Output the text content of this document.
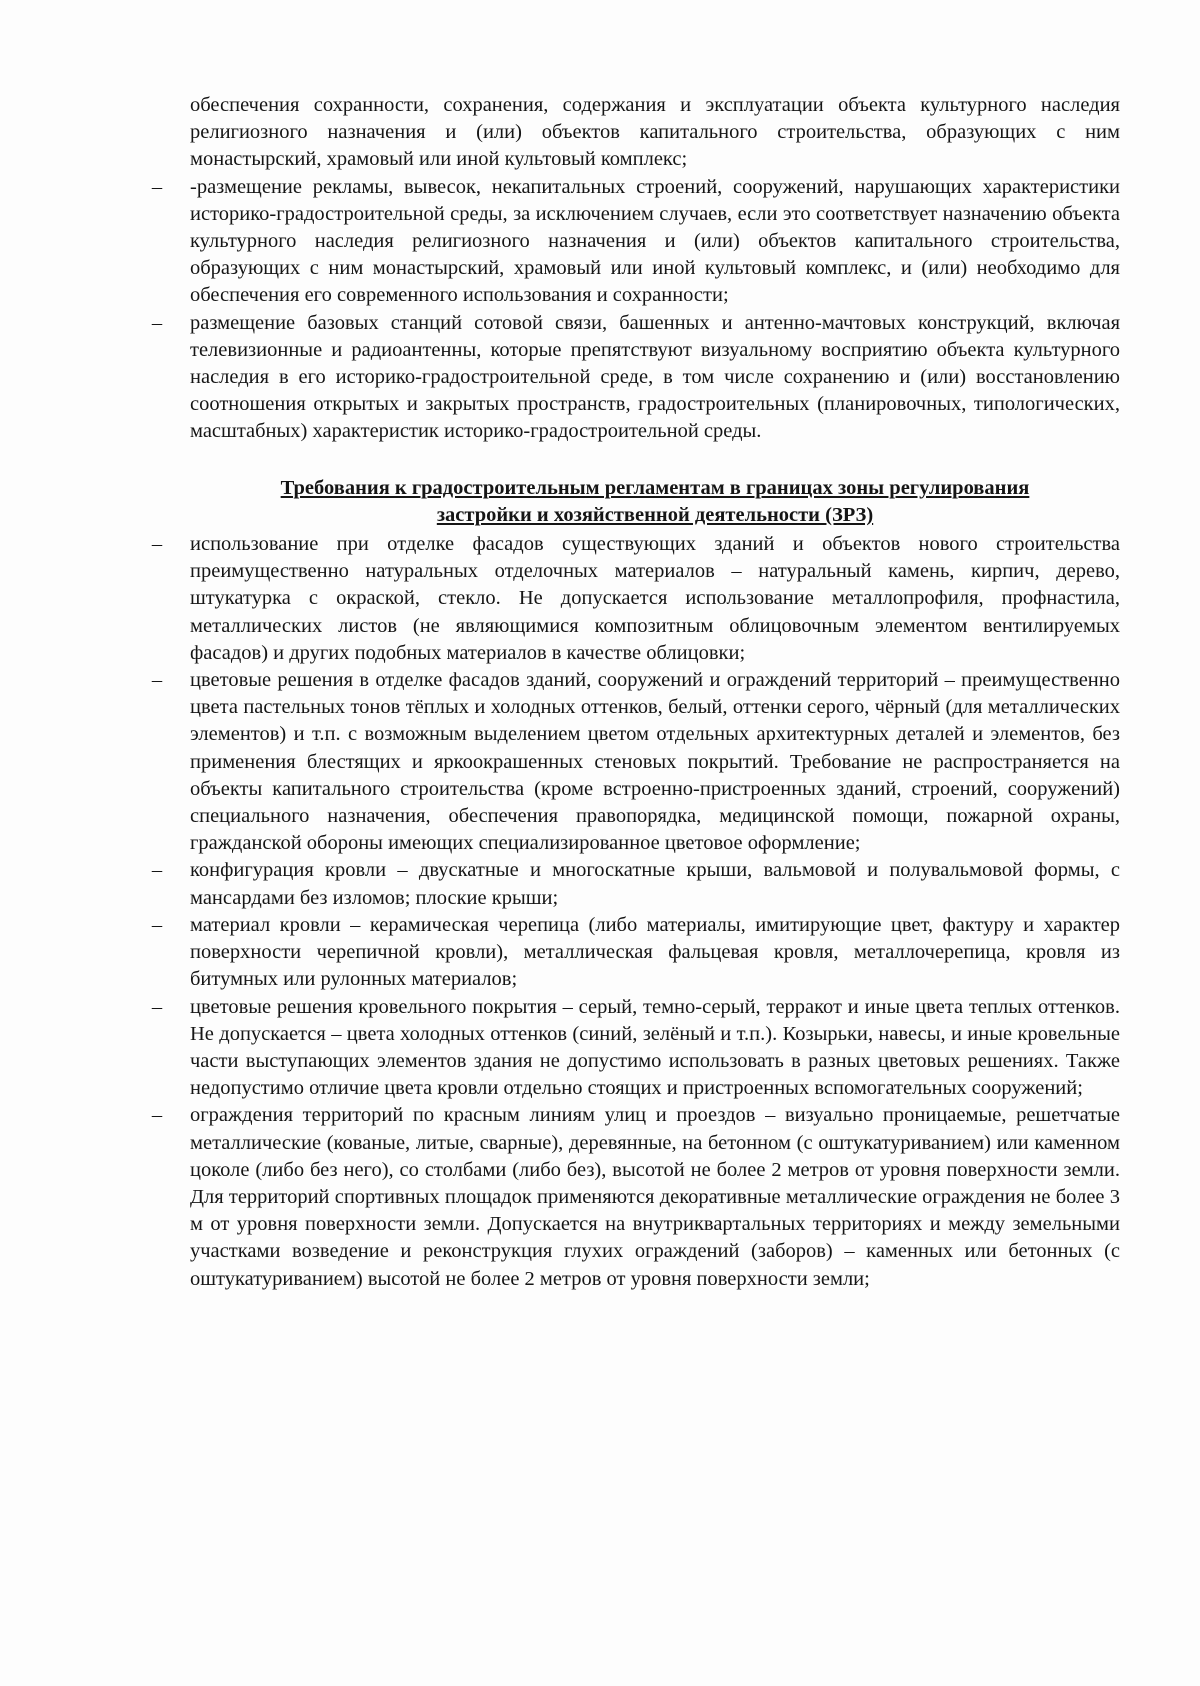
обеспечения сохранности, сохранения, содержания и эксплуатации объекта культурного наследия религиозного назначения и (или) объектов капитального строительства, образующих с ним монастырский, храмовый или иной культовый комплекс;

– -размещение рекламы, вывесок, некапитальных строений, сооружений, нарушающих характеристики историко-градостроительной среды, за исключением случаев, если это соответствует назначению объекта культурного наследия религиозного назначения и (или) объектов капитального строительства, образующих с ним монастырский, храмовый или иной культовый комплекс, и (или) необходимо для обеспечения его современного использования и сохранности;

– размещение базовых станций сотовой связи, башенных и антенно-мачтовых конструкций, включая телевизионные и радиоантенны, которые препятствуют визуальному восприятию объекта культурного наследия в его историко-градостроительной среде, в том числе сохранению и (или) восстановлению соотношения открытых и закрытых пространств, градостроительных (планировочных, типологических, масштабных) характеристик историко-градостроительной среды.

Требования к градостроительным регламентам в границах зоны регулирования
застройки и хозяйственной деятельности (ЗРЗ)

– использование при отделке фасадов существующих зданий и объектов нового строительства преимущественно натуральных отделочных материалов – натуральный камень, кирпич, дерево, штукатурка с окраской, стекло. Не допускается использование металлопрофиля, профнастила, металлических листов (не являющимися композитным облицовочным элементом вентилируемых фасадов) и других подобных материалов в качестве облицовки;

– цветовые решения в отделке фасадов зданий, сооружений и ограждений территорий – преимущественно цвета пастельных тонов тёплых и холодных оттенков, белый, оттенки серого, чёрный (для металлических элементов) и т.п. с возможным выделением цветом отдельных архитектурных деталей и элементов, без применения блестящих и яркоокрашенных стеновых покрытий. Требование не распространяется на объекты капитального строительства (кроме встроенно-пристроенных зданий, строений, сооружений) специального назначения, обеспечения правопорядка, медицинской помощи, пожарной охраны, гражданской обороны имеющих специализированное цветовое оформление;

– конфигурация кровли – двускатные и многоскатные крыши, вальмовой и полувальмовой формы, с мансардами без изломов; плоские крыши;

– материал кровли – керамическая черепица (либо материалы, имитирующие цвет, фактуру и характер поверхности черепичной кровли), металлическая фальцевая кровля, металлочерепица, кровля из битумных или рулонных материалов;

– цветовые решения кровельного покрытия – серый, темно-серый, терракот и иные цвета теплых оттенков. Не допускается – цвета холодных оттенков (синий, зелёный и т.п.). Козырьки, навесы, и иные кровельные части выступающих элементов здания не допустимо использовать в разных цветовых решениях. Также недопустимо отличие цвета кровли отдельно стоящих и пристроенных вспомогательных сооружений;

– ограждения территорий по красным линиям улиц и проездов – визуально проницаемые, решетчатые металлические (кованые, литые, сварные), деревянные, на бетонном (с оштукатуриванием) или каменном цоколе (либо без него), со столбами (либо без), высотой не более 2 метров от уровня поверхности земли. Для территорий спортивных площадок применяются декоративные металлические ограждения не более 3 м от уровня поверхности земли. Допускается на внутриквартальных территориях и между земельными участками возведение и реконструкция глухих ограждений (заборов) – каменных или бетонных (с оштукатуриванием) высотой не более 2 метров от уровня поверхности земли;
